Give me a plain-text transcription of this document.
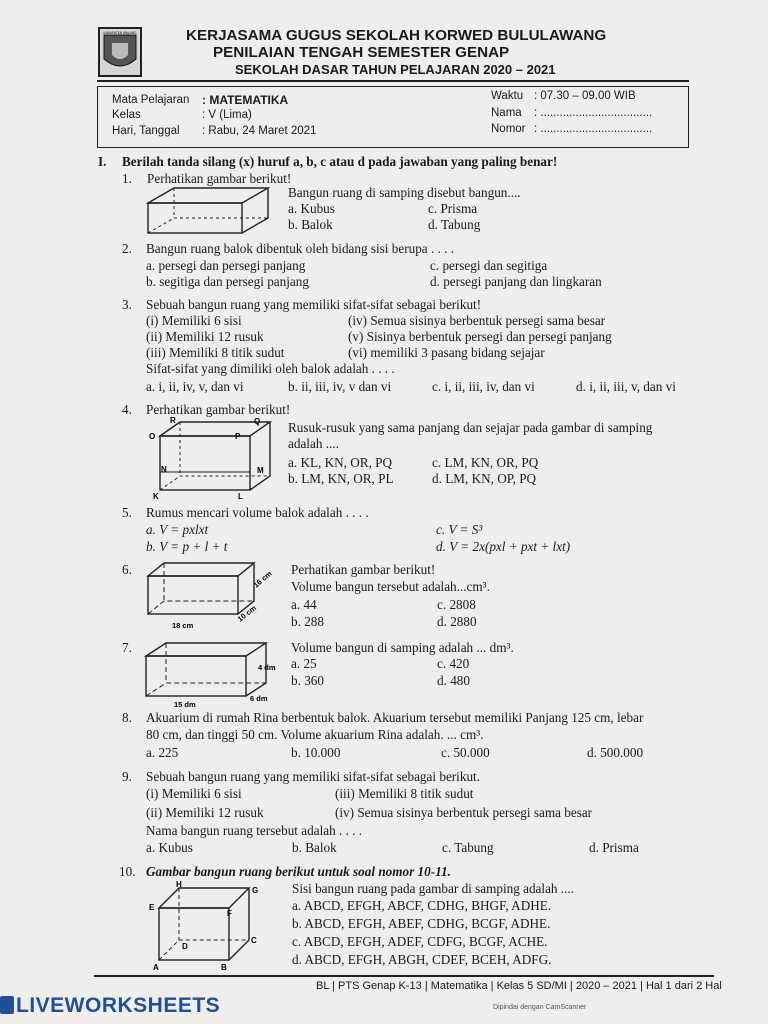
KABUPATEN MALANG	KERJASAMA GUGUS SEKOLAH KORWED BULULAWANG
PENILAIAN TENGAH SEMESTER GENAP
SEKOLAH DASAR TAHUN PELAJARAN 2020 – 2021
Mata Pelajaran : MATEMATIKA
Kelas	: V (Lima)
Hari, Tanggal : Rabu, 24 Maret 2021
Waktu : 07.30 – 09.00 WIB
Nama : ...................................
Nomor : ...................................
I. Berilah tanda silang (x) huruf a, b, c atau d pada jawaban yang paling benar!
1. Perhatikan gambar berikut!
Bangun ruang di samping disebut bangun....
a. Kubus	c. Prisma
b. Balok	d. Tabung
2. Bangun ruang balok dibentuk oleh bidang sisi berupa . . . .
a. persegi dan persegi panjang	c. persegi dan segitiga
b. segitiga dan persegi panjang	d. persegi panjang dan lingkaran
3. Sebuah bangun ruang yang memiliki sifat-sifat sebagai berikut!
(i) Memiliki 6 sisi
(ii) Memiliki 12 rusuk
(iii) Memiliki 8 titik sudut
(iv) Semua sisinya berbentuk persegi sama besar
(v) Sisinya berbentuk persegi dan persegi panjang
(vi) memiliki 3 pasang bidang sejajar
Sifat-sifat yang dimiliki oleh balok adalah . . . .
a. i, ii, iv, v, dan vi	b. ii, iii, iv, v dan vi	c. i, ii, iii, iv, dan vi	d. i, ii, iii, v, dan vi
4. Perhatikan gambar berikut!
R	Q
O	P
N	M
K	L
Rusuk-rusuk yang sama panjang dan sejajar pada gambar di samping
adalah ....
a. KL, KN, OR, PQ	c. LM, KN, OR, PQ
b. LM, KN, OR, PL	d. LM, KN, OP, PQ
5. Rumus mencari volume balok adalah . . . .
a. V = pxlxt	c. V = S³
b. V = p + l + t	d. V = 2x(pxl + pxt + lxt)
6.	16 cm
10 cm
18 cm
Perhatikan gambar berikut!
Volume bangun tersebut adalah...cm³.
a. 44	c. 2808
b. 288	d. 2880
7.
4 dm
6 dm
15 dm
Volume bangun di samping adalah ... dm³.
a. 25	c. 420
b. 360	d. 480
8. Akuarium di rumah Rina berbentuk balok. Akuarium tersebut memiliki Panjang 125 cm, lebar
80 cm, dan tinggi 50 cm. Volume akuarium Rina adalah. ... cm³.
a. 225	b. 10.000	c. 50.000	d. 500.000
9. Sebuah bangun ruang yang memiliki sifat-sifat sebagai berikut.
(i) Memiliki 6 sisi	(iii) Memiliki 8 titik sudut
(ii) Memiliki 12 rusuk	(iv) Semua sisinya berbentuk persegi sama besar
Nama bangun ruang tersebut adalah . . . .
a. Kubus	b. Balok	c. Tabung	d. Prisma
10. Gambar bangun ruang berikut untuk soal nomor 10-11.
H
G
E
F
D
C
A	B
Sisi bangun ruang pada gambar di samping adalah ....
a. ABCD, EFGH, ABCF, CDHG, BHGF, ADHE.
b. ABCD, EFGH, ABEF, CDHG, BCGF, ADHE.
c. ABCD, EFGH, ADEF, CDFG, BCGF, ACHE.
d. ABCD, EFGH, ABGH, CDEF, BCEH, ADFG.
BL | PTS Genap K-13 | Matematika | Kelas 5 SD/MI | 2020 – 2021 | Hal 1 dari 2 Hal
Dipindai dengan CamScanner
LIVEWORKSHEETS
